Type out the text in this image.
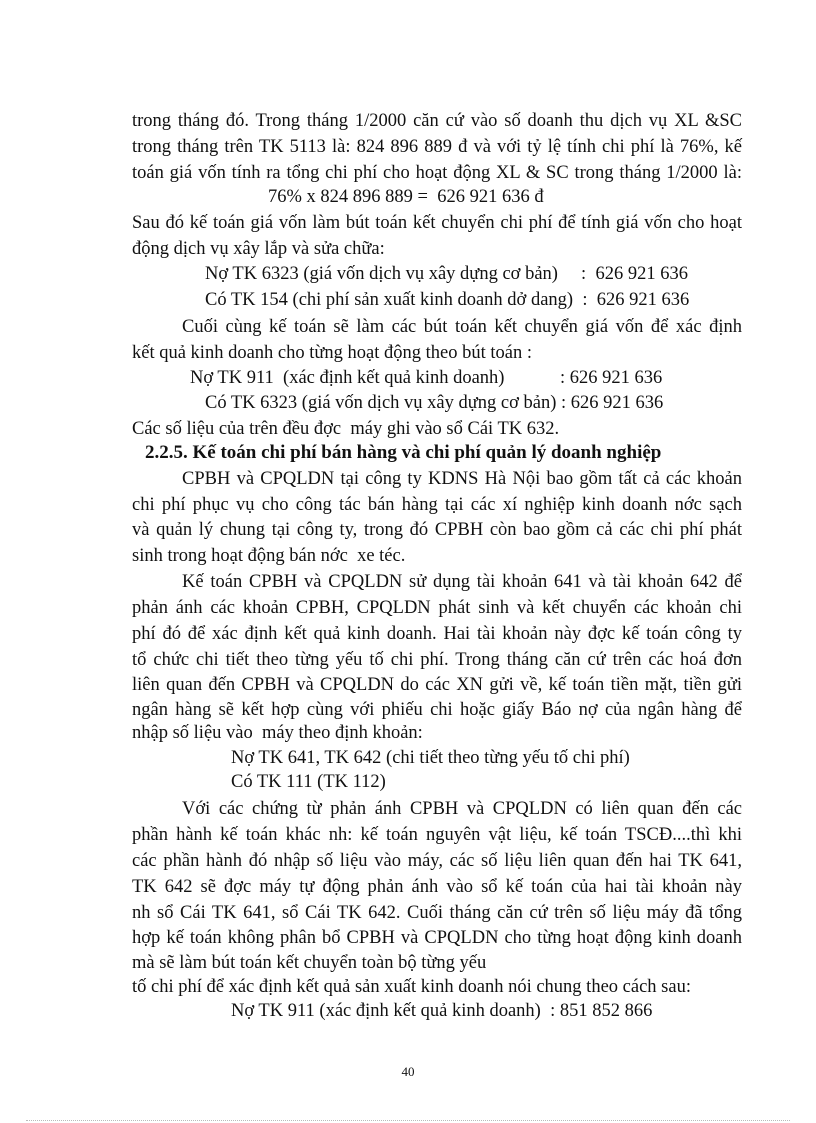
trong tháng đó. Trong tháng 1/2000 căn cứ vào số doanh thu dịch vụ XL &SC
trong tháng trên TK 5113 là: 824 896 889 đ và với tỷ lệ tính chi phí là 76%, kế
toán giá vốn tính ra tổng chi phí cho hoạt động XL & SC trong tháng 1/2000 là:
76% x 824 896 889 =  626 921 636 đ
Sau đó kế toán giá vốn làm bút toán kết chuyển chi phí để tính giá vốn cho hoạt
động dịch vụ xây lắp và sửa chữa:
Nợ TK 6323 (giá vốn dịch vụ xây dựng cơ bản)     :  626 921 636
Có TK 154 (chi phí sản xuất kinh doanh dở dang)  :  626 921 636
Cuối cùng kế toán sẽ làm các bút toán kết chuyển giá vốn để xác định
kết quả kinh doanh cho từng hoạt động theo bút toán :
Nợ TK 911  (xác định kết quả kinh doanh)            : 626 921 636
Có TK 6323 (giá vốn dịch vụ xây dựng cơ bản) : 626 921 636
Các số liệu của trên đều đợc  máy ghi vào sổ Cái TK 632.
2.2.5. Kế toán chi phí bán hàng và chi phí quản lý doanh nghiệp
CPBH và CPQLDN tại công ty KDNS Hà Nội bao gồm tất cả các khoản
chi phí phục vụ cho công tác bán hàng tại các xí nghiệp kinh doanh nớc sạch
và quản lý chung tại công ty, trong đó CPBH còn bao gồm cả các chi phí phát
sinh trong hoạt động bán nớc  xe téc.
Kế toán CPBH và CPQLDN sử dụng tài khoản 641 và tài khoản 642 để
phản ánh các khoản CPBH, CPQLDN phát sinh và kết chuyển các khoản chi
phí đó để xác định kết quả kinh doanh. Hai tài khoản này đợc kế toán công ty
tổ chức chi tiết theo từng yếu tố chi phí. Trong tháng căn cứ trên các hoá đơn
liên quan đến CPBH và CPQLDN do các XN gửi về, kế toán tiền mặt, tiền gửi
ngân hàng sẽ kết hợp cùng với phiếu chi hoặc giấy Báo nợ của ngân hàng để
nhập số liệu vào  máy theo định khoản:
Nợ TK 641, TK 642 (chi tiết theo từng yếu tố chi phí)
Có TK 111 (TK 112)
Với các chứng từ phản ánh CPBH và CPQLDN có liên quan đến các
phần hành kế toán khác nh: kế toán nguyên vật liệu, kế toán TSCĐ....thì khi
các phần hành đó nhập số liệu vào máy, các số liệu liên quan đến hai TK 641,
TK 642 sẽ đợc máy tự động phản ánh vào sổ kế toán của hai tài khoản này
nh sổ Cái TK 641, sổ Cái TK 642. Cuối tháng căn cứ trên số liệu máy đã tổng
hợp kế toán không phân bổ CPBH và CPQLDN cho từng hoạt động kinh doanh
mà sẽ làm bút toán kết chuyển toàn bộ từng yếu
tố chi phí để xác định kết quả sản xuất kinh doanh nói chung theo cách sau:
Nợ TK 911 (xác định kết quả kinh doanh)  : 851 852 866
40
